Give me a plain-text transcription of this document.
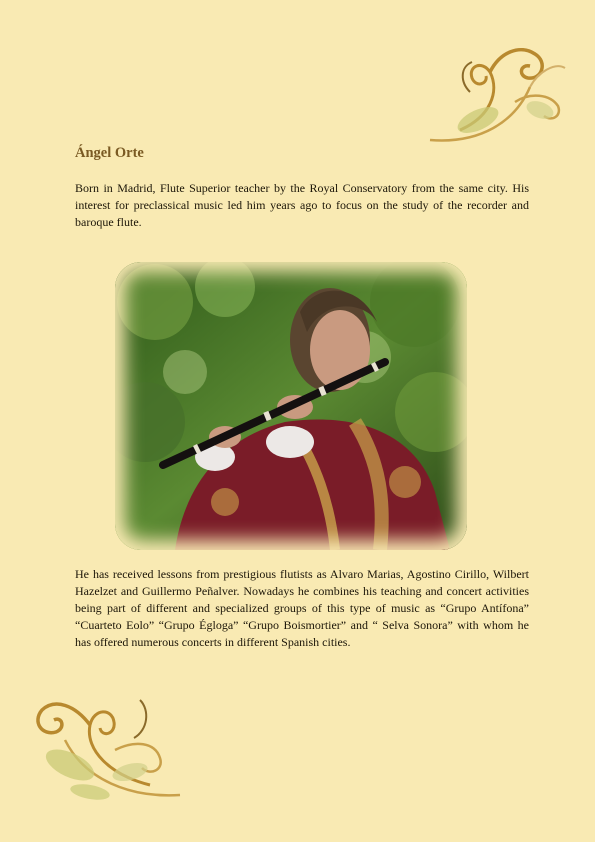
Ángel Orte

Born in Madrid, Flute Superior teacher by the Royal Conservatory from the same city. His interest for preclassical music led him years ago to focus on the study of the recorder and baroque flute.

He has received lessons from prestigious flutists as Alvaro Marias, Agostino Cirillo, Wilbert Hazelzet and Guillermo Peñalver. Nowadays he combines his teaching and concert activities being part of different and specialized groups of this type of music as “Grupo Antífona” “Cuarteto Eolo” “Grupo Égloga” “Grupo Boismortier” and “ Selva Sonora” with whom he has offered numerous concerts in different Spanish cities.
